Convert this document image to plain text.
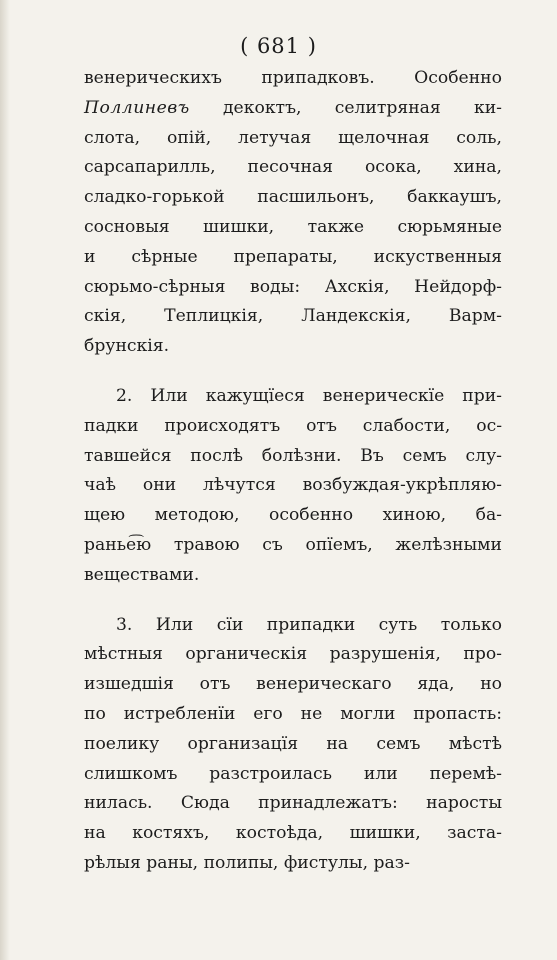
( 681 )
венерическихъ припадковъ. Особенно
Поллиневъ декоктъ, селитряная ки-
слота, опій, летучая щелочная соль,
сарсапарилль, песочная осока, хина,
сладко-горькой пасшильонъ, баккаушъ,
сосновыя шишки, также сюрьмяные
и сѣрные препараты, искуственныя
сюрьмо-сѣрныя воды: Ахскія, Нейдорф-
скія, Теплицкія, Ландекскія, Варм-
брунскія.
2. Или кажущїеся венерическїе при-
падки происходятъ отъ слабости, ос-
тавшейся послѣ болѣзни. Въ семъ слу-
чаѣ они лѣчутся возбуждая-укрѣпляю-
щею методою, особенно хиною, ба-
ранье͡ю травою съ опїемъ, желѣзными
веществами.
3. Или сїи припадки суть только
мѣстныя органическія разрушенія, про-
изшедшія отъ венерическаго яда, но
по истребленїи его не могли пропасть:
поелику организацїя на семъ мѣстѣ
слишкомъ разстроилась или перемѣ-
нилась. Сюда принадлежатъ: наросты
на костяхъ, костоѣда, шишки, заста-
рѣлыя раны, полипы, фистулы, раз-
